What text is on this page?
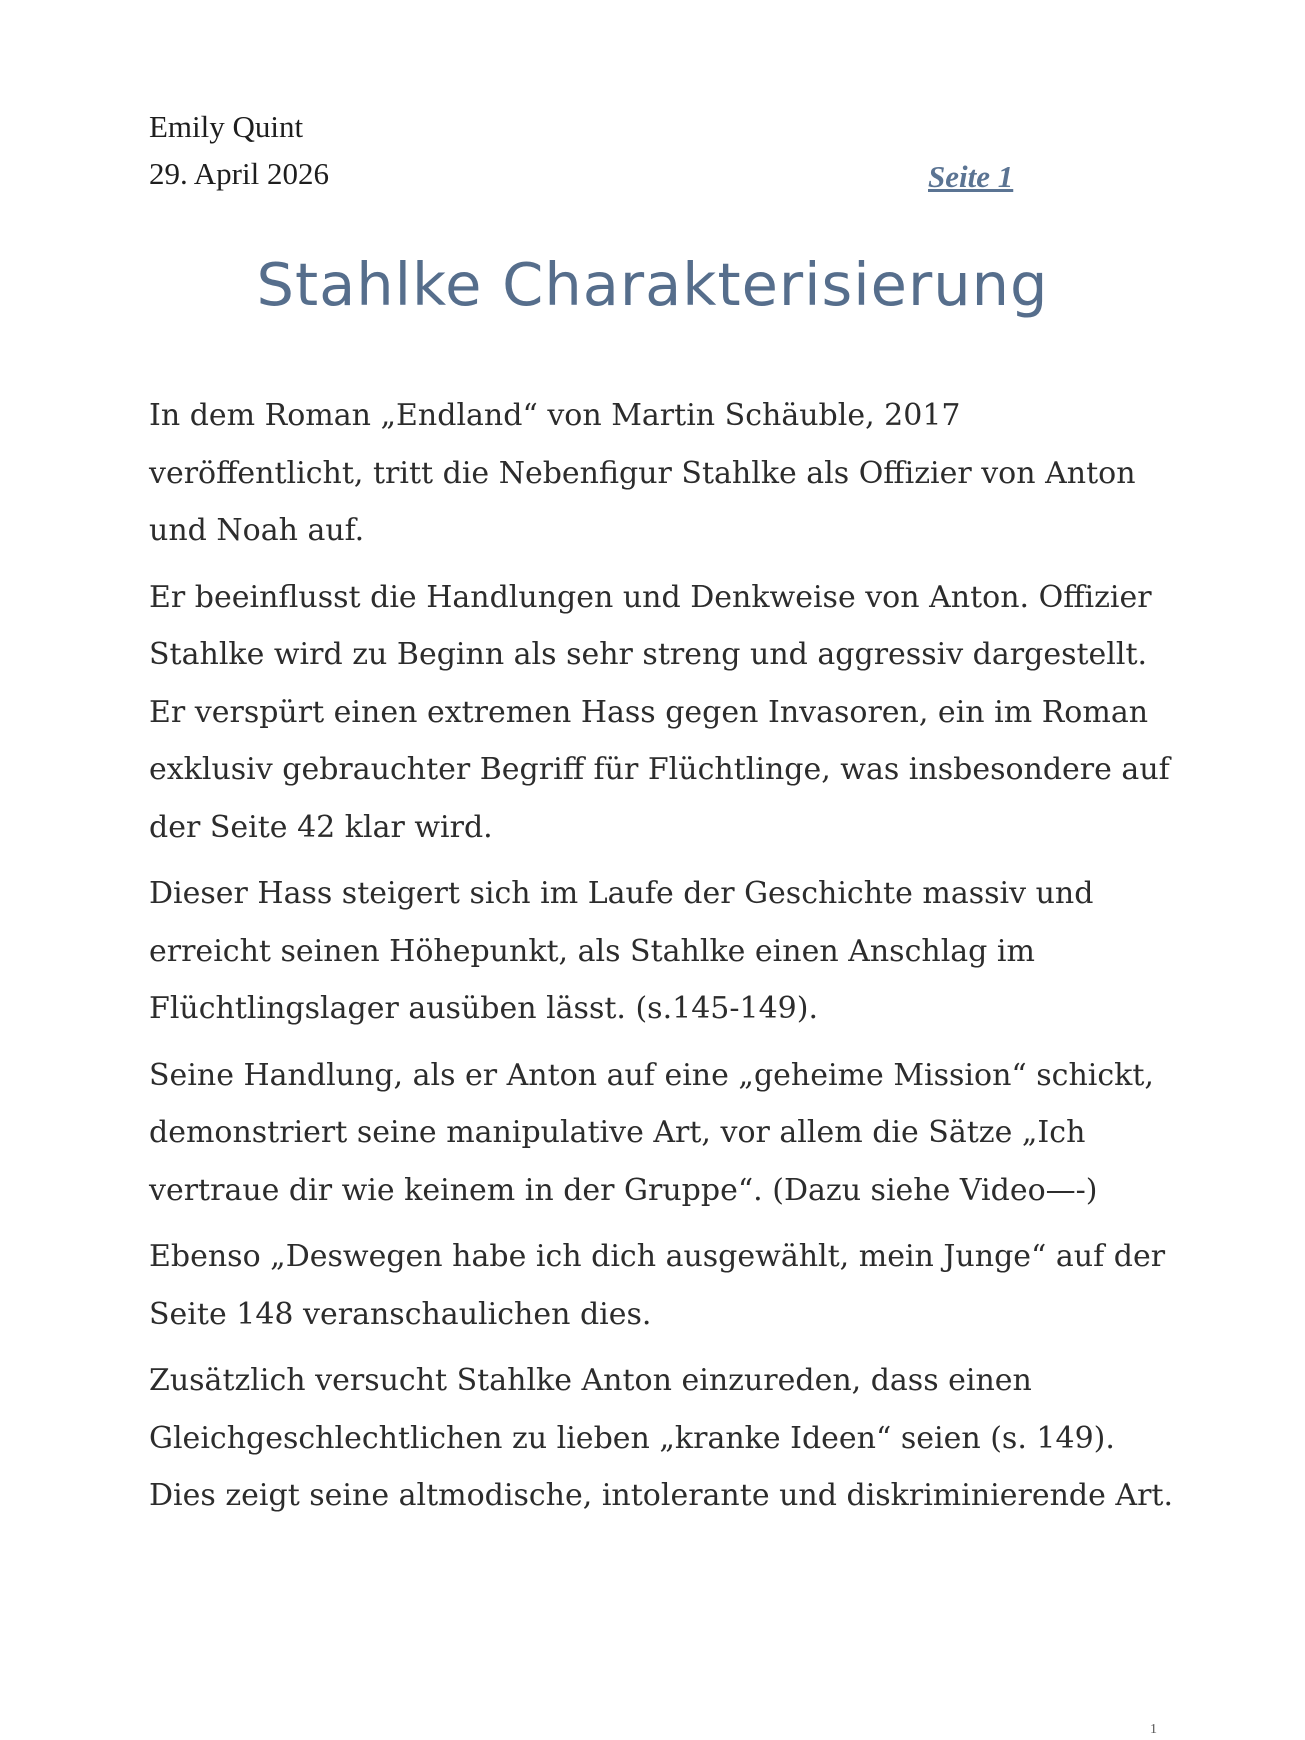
Emily Quint
29. April 2026	Seite 1
Stahlke Charakterisierung

In dem Roman „Endland“ von Martin Schäuble, 2017 veröffentlicht, tritt die Nebenfigur Stahlke als Offizier von Anton und Noah auf.

Er beeinflusst die Handlungen und Denkweise von Anton. Offizier Stahlke wird zu Beginn als sehr streng und aggressiv dargestellt. Er verspürt einen extremen Hass gegen Invasoren, ein im Roman exklusiv gebrauchter Begriff für Flüchtlinge, was insbesondere auf der Seite 42 klar wird.

Dieser Hass steigert sich im Laufe der Geschichte massiv und erreicht seinen Höhepunkt, als Stahlke einen Anschlag im Flüchtlingslager ausüben lässt. (s.145-149).

Seine Handlung, als er Anton auf eine „geheime Mission“ schickt, demonstriert seine manipulative Art, vor allem die Sätze „Ich vertraue dir wie keinem in der Gruppe“. (Dazu siehe Video—-)

Ebenso „Deswegen habe ich dich ausgewählt, mein Junge“ auf der Seite 148 veranschaulichen dies.

Zusätzlich versucht Stahlke Anton einzureden, dass einen Gleichgeschlechtlichen zu lieben „kranke Ideen“ seien (s. 149). Dies zeigt seine altmodische, intolerante und diskriminierende Art.

1
